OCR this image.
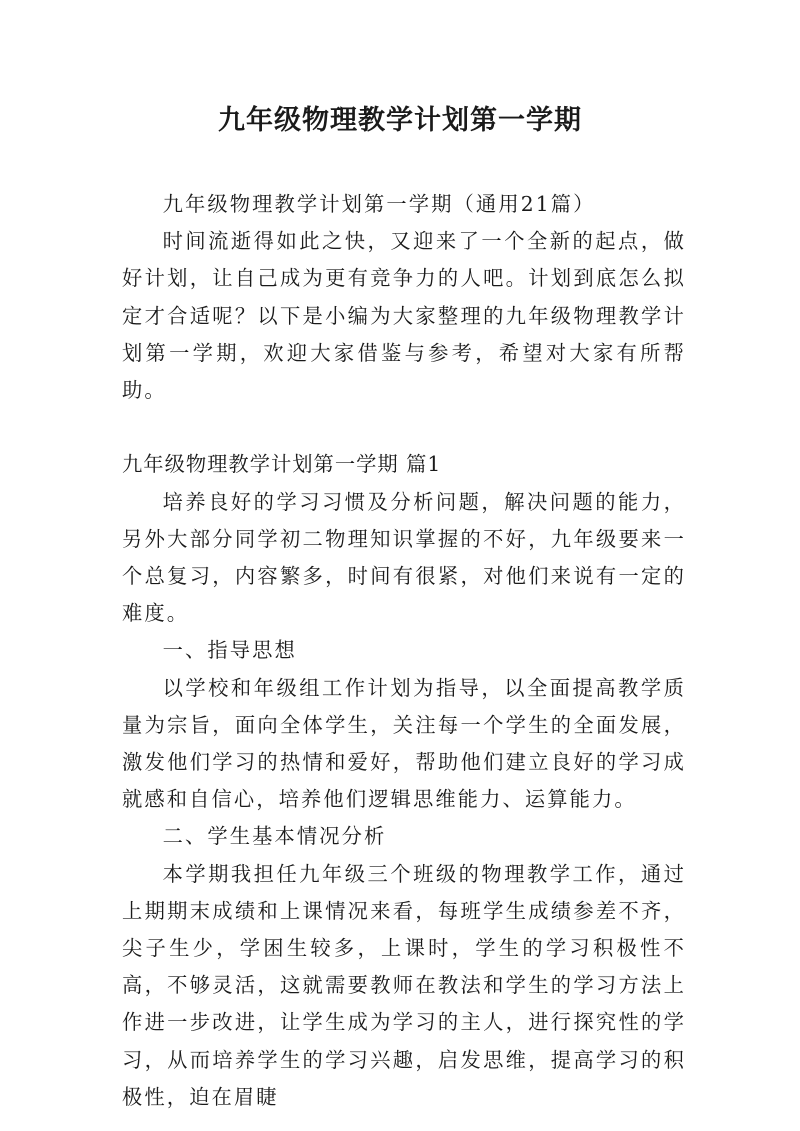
九年级物理教学计划第一学期

九年级物理教学计划第一学期（通用21篇）

时间流逝得如此之快，又迎来了一个全新的起点，做好计划，让自己成为更有竞争力的人吧。计划到底怎么拟定才合适呢？以下是小编为大家整理的九年级物理教学计划第一学期，欢迎大家借鉴与参考，希望对大家有所帮助。

九年级物理教学计划第一学期 篇1

培养良好的学习习惯及分析问题，解决问题的能力，另外大部分同学初二物理知识掌握的不好，九年级要来一个总复习，内容繁多，时间有很紧，对他们来说有一定的难度。

一、指导思想

以学校和年级组工作计划为指导，以全面提高教学质量为宗旨，面向全体学生，关注每一个学生的全面发展，激发他们学习的热情和爱好，帮助他们建立良好的学习成就感和自信心，培养他们逻辑思维能力、运算能力。

二、学生基本情况分析

本学期我担任九年级三个班级的物理教学工作，通过上期期末成绩和上课情况来看，每班学生成绩参差不齐，尖子生少，学困生较多，上课时，学生的学习积极性不高，不够灵活，这就需要教师在教法和学生的学习方法上作进一步改进，让学生成为学习的主人，进行探究性的学习，从而培养学生的学习兴趣，启发思维，提高学习的积极性，迫在眉睫
